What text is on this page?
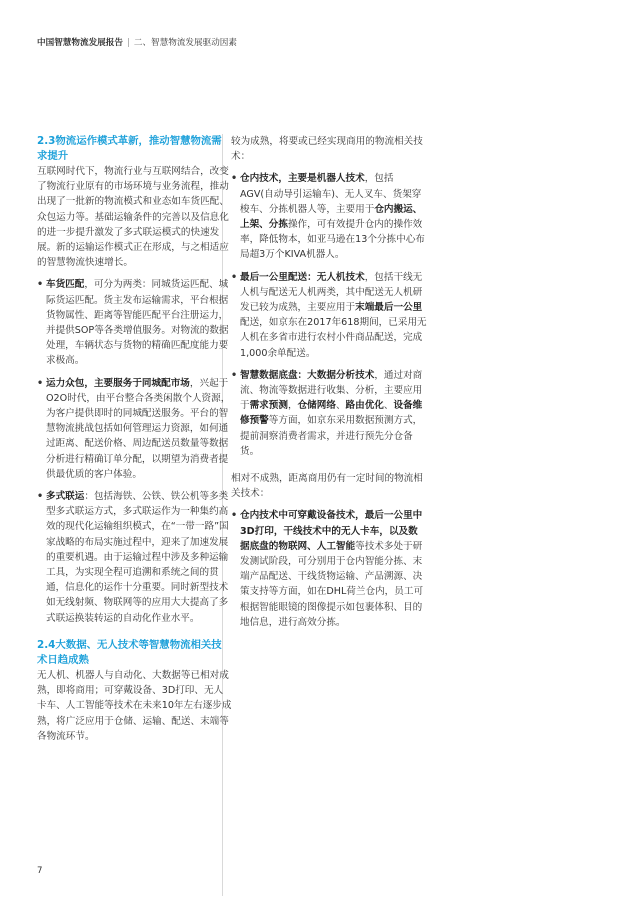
中国智慧物流发展报告 | 二、智慧物流发展驱动因素
2.3物流运作模式革新，推动智慧物流需求提升

互联网时代下，物流行业与互联网结合，改变了物流行业原有的市场环境与业务流程，推动出现了一批新的物流模式和业态如车货匹配、众包运力等。基础运输条件的完善以及信息化的进一步提升激发了多式联运模式的快速发展。新的运输运作模式正在形成，与之相适应的智慧物流快速增长。

• 车货匹配，可分为两类：同城货运匹配、城际货运匹配。货主发布运输需求，平台根据货物属性、距离等智能匹配平台注册运力，并提供SOP等各类增值服务。对物流的数据处理，车辆状态与货物的精确匹配度能力要求极高。
• 运力众包，主要服务于同城配市场，兴起于O2O时代，由平台整合各类闲散个人资源，为客户提供即时的同城配送服务。平台的智慧物流挑战包括如何管理运力资源，如何通过距离、配送价格、周边配送员数量等数据分析进行精确订单分配，以期望为消费者提供最优质的客户体验。
• 多式联运：包括海铁、公铁、铁公机等多类型多式联运方式，多式联运作为一种集约高效的现代化运输组织模式，在“一带一路”国家战略的布局实施过程中，迎来了加速发展的重要机遇。由于运输过程中涉及多种运输工具，为实现全程可追溯和系统之间的贯通，信息化的运作十分重要。同时新型技术如无线射频、物联网等的应用大大提高了多式联运换装转运的自动化作业水平。
2.4大数据、无人技术等智慧物流相关技术日趋成熟

无人机、机器人与自动化、大数据等已相对成熟，即将商用；可穿戴设备、3D打印、无人卡车、人工智能等技术在未来10年左右逐步成熟，将广泛应用于仓储、运输、配送、末端等各物流环节。

较为成熟，将要或已经实现商用的物流相关技术：

• 仓内技术，主要是机器人技术，包括AGV(自动导引运输车)、无人叉车、货架穿梭车、分拣机器人等，主要用于仓内搬运、上架、分拣操作，可有效提升仓内的操作效率，降低物本，如亚马逊在13个分拣中心布局超3万个KIVA机器人。
• 最后一公里配送：无人机技术，包括干线无人机与配送无人机两类，其中配送无人机研发已较为成熟，主要应用于末端最后一公里配送，如京东在2017年618期间，已采用无人机在多省市进行农村小件商品配送，完成1,000余单配送。
• 智慧数据底盘：大数据分析技术，通过对商流、物流等数据进行收集、分析，主要应用于需求预测，仓储网络、路由优化、设备维修预警等方面，如京东采用数据预测方式，提前洞察消费者需求，并进行预先分仓备货。

相对不成熟，距离商用仍有一定时间的物流相关技术：

• 仓内技术中可穿戴设备技术，最后一公里中3D打印，干线技术中的无人卡车，以及数据底盘的物联网、人工智能等技术多处于研发测试阶段，可分别用于仓内智能分拣、末端产品配送、干线货物运输、产品溯源、决策支持等方面，如在DHL荷兰仓内，员工可根据智能眼镜的图像提示如包裹体积、目的地信息，进行高效分拣。
7
